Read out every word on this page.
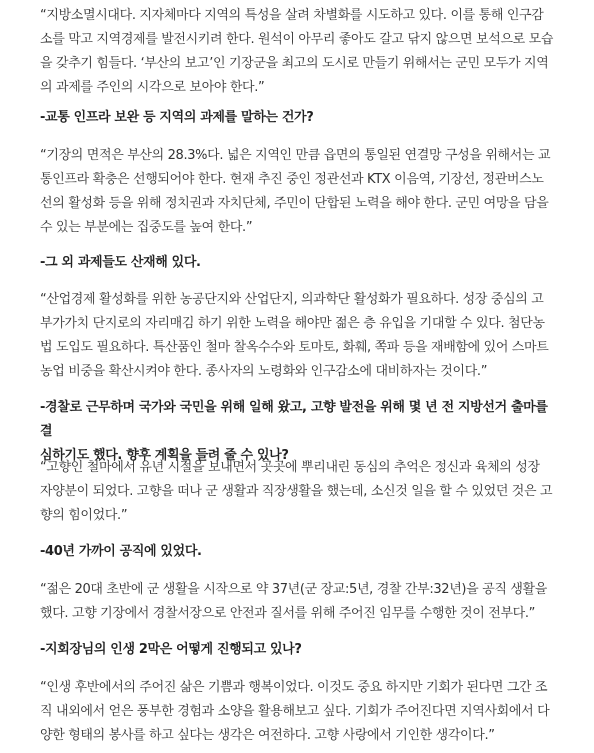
“지방소멸시대다. 지자체마다 지역의 특성을 살려 차별화를 시도하고 있다. 이를 통해 인구감
소를 막고 지역경제를 발전시키려 한다. 원석이 아무리 좋아도 갈고 닦지 않으면 보석으로 모습
을 갖추기 힘들다. ‘부산의 보고’인 기장군을 최고의 도시로 만들기 위해서는 군민 모두가 지역
의 과제를 주인의 시각으로 보아야 한다.”

-교통 인프라 보완 등 지역의 과제를 말하는 건가?

“기장의 면적은 부산의 28.3%다. 넓은 지역인 만큼 읍면의 통일된 연결망 구성을 위해서는 교
통인프라 확충은 선행되어야 한다. 현재 추진 중인 정관선과 KTX 이음역, 기장선, 정관버스노
선의 활성화 등을 위해 정치권과 자치단체, 주민이 단합된 노력을 해야 한다. 군민 여망을 담을
수 있는 부분에는 집중도를 높여 한다.”

-그 외 과제들도 산재해 있다.

“산업경제 활성화를 위한 농공단지와 산업단지, 의과학단 활성화가 필요하다. 성장 중심의 고
부가가치 단지로의 자리매김 하기 위한 노력을 해야만 젊은 층 유입을 기대할 수 있다. 첨단농
법 도입도 필요하다. 특산품인 철마 찰옥수수와 토마토, 화훼, 쪽파 등을 재배함에 있어 스마트
농업 비중을 확산시켜야 한다. 종사자의 노령화와 인구감소에 대비하자는 것이다.”

-경찰로 근무하며 국가와 국민을 위해 일해 왔고, 고향 발전을 위해 몇 년 전 지방선거 출마를 결
심하기도 했다. 향후 계획을 들려 줄 수 있나?

“고향인 철마에서 유년 시절을 보내면서 곳곳에 뿌리내린 동심의 추억은 정신과 육체의 성장
자양분이 되었다. 고향을 떠나 군 생활과 직장생활을 했는데, 소신것 일을 할 수 있었던 것은 고
향의 힘이었다.”

-40년 가까이 공직에 있었다.

“젊은 20대 초반에 군 생활을 시작으로 약 37년(군 장교:5년, 경찰 간부:32년)을 공직 생활을
했다. 고향 기장에서 경찰서장으로 안전과 질서를 위해 주어진 임무를 수행한 것이 전부다.”

-지회장님의 인생 2막은 어떻게 진행되고 있나?

“인생 후반에서의 주어진 삶은 기쁨과 행복이었다. 이것도 중요 하지만 기회가 된다면 그간 조
직 내외에서 얻은 풍부한 경험과 소양을 활용해보고 싶다. 기회가 주어진다면 지역사회에서 다
양한 형태의 봉사를 하고 싶다는 생각은 여전하다. 고향 사랑에서 기인한 생각이다.”
